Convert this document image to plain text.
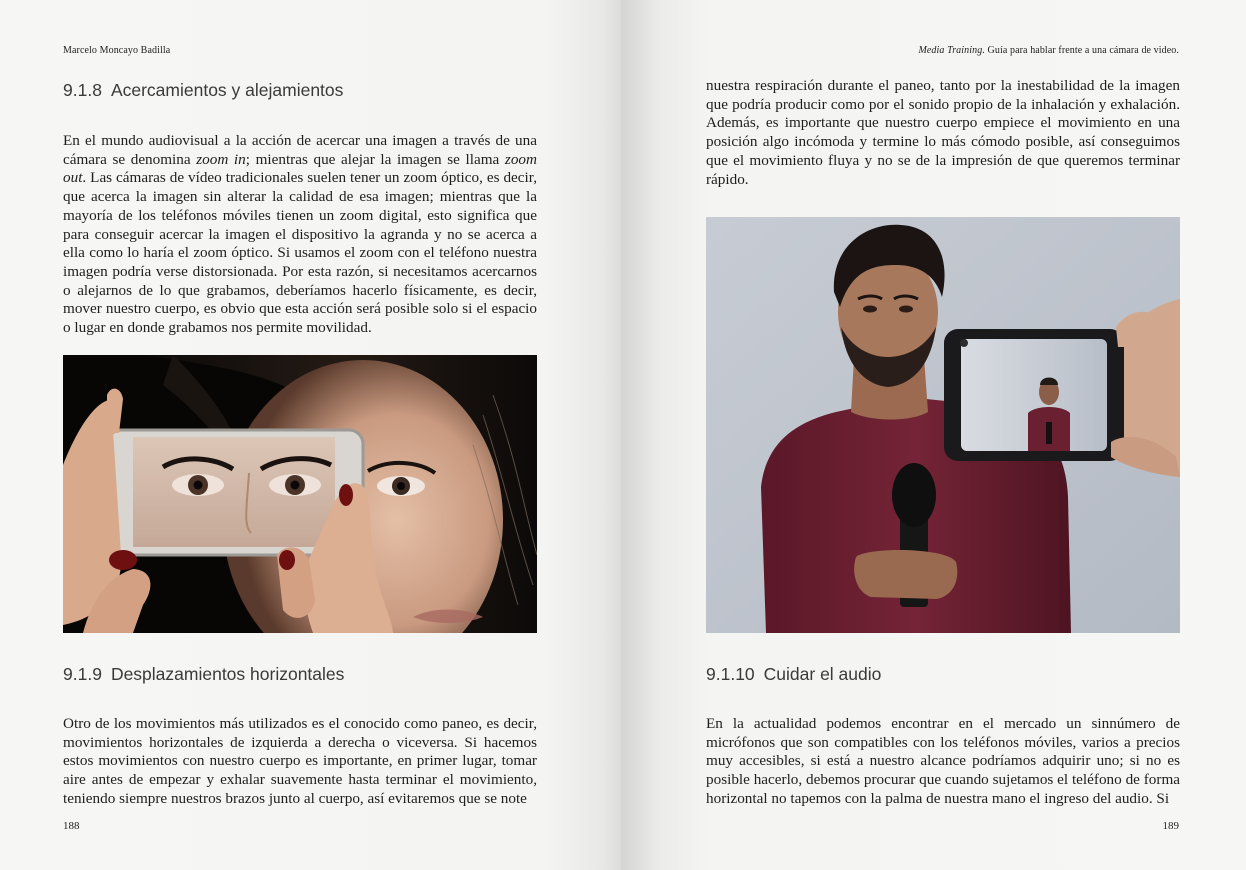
Marcelo Moncayo Badilla
9.1.8 Acercamientos y alejamientos

En el mundo audiovisual a la acción de acercar una imagen a través de una cámara se denomina zoom in; mientras que alejar la imagen se llama zoom out. Las cámaras de vídeo tradicionales suelen tener un zoom óptico, es decir, que acerca la imagen sin alterar la calidad de esa imagen; mientras que la mayoría de los teléfonos móviles tienen un zoom digital, esto significa que para conseguir acercar la imagen el dispositivo la agranda y no se acerca a ella como lo haría el zoom óptico. Si usamos el zoom con el teléfono nuestra imagen podría verse distorsionada. Por esta razón, si necesitamos acercarnos o alejarnos de lo que grabamos, deberíamos hacerlo físicamente, es decir, mover nuestro cuerpo, es obvio que esta acción será posible solo si el espacio o lugar en donde grabamos nos permite movilidad.

9.1.9 Desplazamientos horizontales

Otro de los movimientos más utilizados es el conocido como paneo, es decir, movimientos horizontales de izquierda a derecha o viceversa. Si hacemos estos movimientos con nuestro cuerpo es importante, en primer lugar, tomar aire antes de empezar y exhalar suavemente hasta terminar el movimiento, teniendo siempre nuestros brazos junto al cuerpo, así evitaremos que se note

188
Media Training. Guía para hablar frente a una cámara de video.

nuestra respiración durante el paneo, tanto por la inestabilidad de la imagen que podría producir como por el sonido propio de la inhalación y exhalación. Además, es importante que nuestro cuerpo empiece el movimiento en una posición algo incómoda y termine lo más cómodo posible, así conseguimos que el movimiento fluya y no se de la impresión de que queremos terminar rápido.

9.1.10 Cuidar el audio

En la actualidad podemos encontrar en el mercado un sinnúmero de micrófonos que son compatibles con los teléfonos móviles, varios a precios muy accesibles, si está a nuestro alcance podríamos adquirir uno; si no es posible hacerlo, debemos procurar que cuando sujetamos el teléfono de forma horizontal no tapemos con la palma de nuestra mano el ingreso del audio. Si

189
